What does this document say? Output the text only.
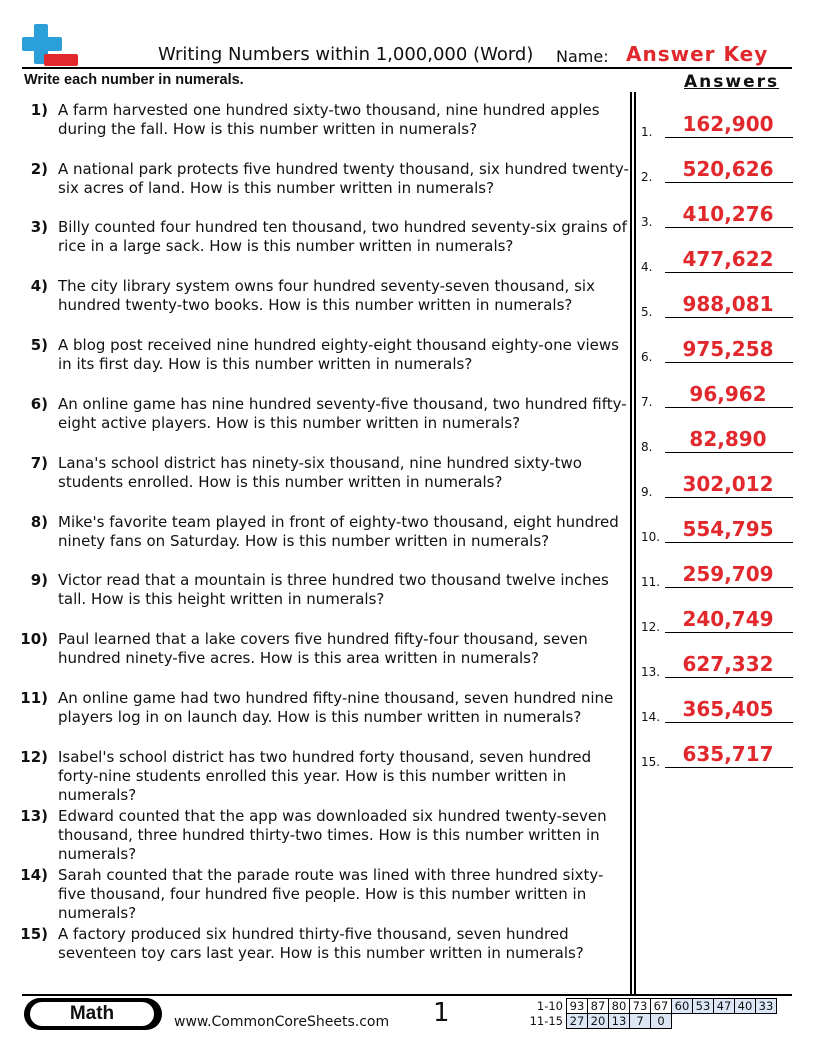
Writing Numbers within 1,000,000 (Word) Name: Answer Key
Write each number in numerals.	Answers
1) A farm harvested one hundred sixty-two thousand, nine hundred apples during the fall. How is this number written in numerals?
2) A national park protects five hundred twenty thousand, six hundred twenty-six acres of land. How is this number written in numerals?
3) Billy counted four hundred ten thousand, two hundred seventy-six grains of rice in a large sack. How is this number written in numerals?
4) The city library system owns four hundred seventy-seven thousand, six hundred twenty-two books. How is this number written in numerals?
5) A blog post received nine hundred eighty-eight thousand eighty-one views in its first day. How is this number written in numerals?
6) An online game has nine hundred seventy-five thousand, two hundred fifty-eight active players. How is this number written in numerals?
7) Lana's school district has ninety-six thousand, nine hundred sixty-two students enrolled. How is this number written in numerals?
8) Mike's favorite team played in front of eighty-two thousand, eight hundred ninety fans on Saturday. How is this number written in numerals?
9) Victor read that a mountain is three hundred two thousand twelve inches tall. How is this height written in numerals?
10) Paul learned that a lake covers five hundred fifty-four thousand, seven hundred ninety-five acres. How is this area written in numerals?
11) An online game had two hundred fifty-nine thousand, seven hundred nine players log in on launch day. How is this number written in numerals?
12) Isabel's school district has two hundred forty thousand, seven hundred forty-nine students enrolled this year. How is this number written in numerals?
13) Edward counted that the app was downloaded six hundred twenty-seven thousand, three hundred thirty-two times. How is this number written in numerals?
14) Sarah counted that the parade route was lined with three hundred sixty-five thousand, four hundred five people. How is this number written in numerals?
15) A factory produced six hundred thirty-five thousand, seven hundred seventeen toy cars last year. How is this number written in numerals?
1.	162,900
2.	520,626
3.	410,276
4.	477,622
5.	988,081
6.	975,258
7.	96,962
8.	82,890
9.	302,012
10.	554,795
11.	259,709
12.	240,749
13.	627,332
14.	365,405
15.	635,717
Math	www.CommonCoreSheets.com 1	1-10	93	87	80	73	67	60	53	47	40	33
11-15	27	20	13	7	0					
